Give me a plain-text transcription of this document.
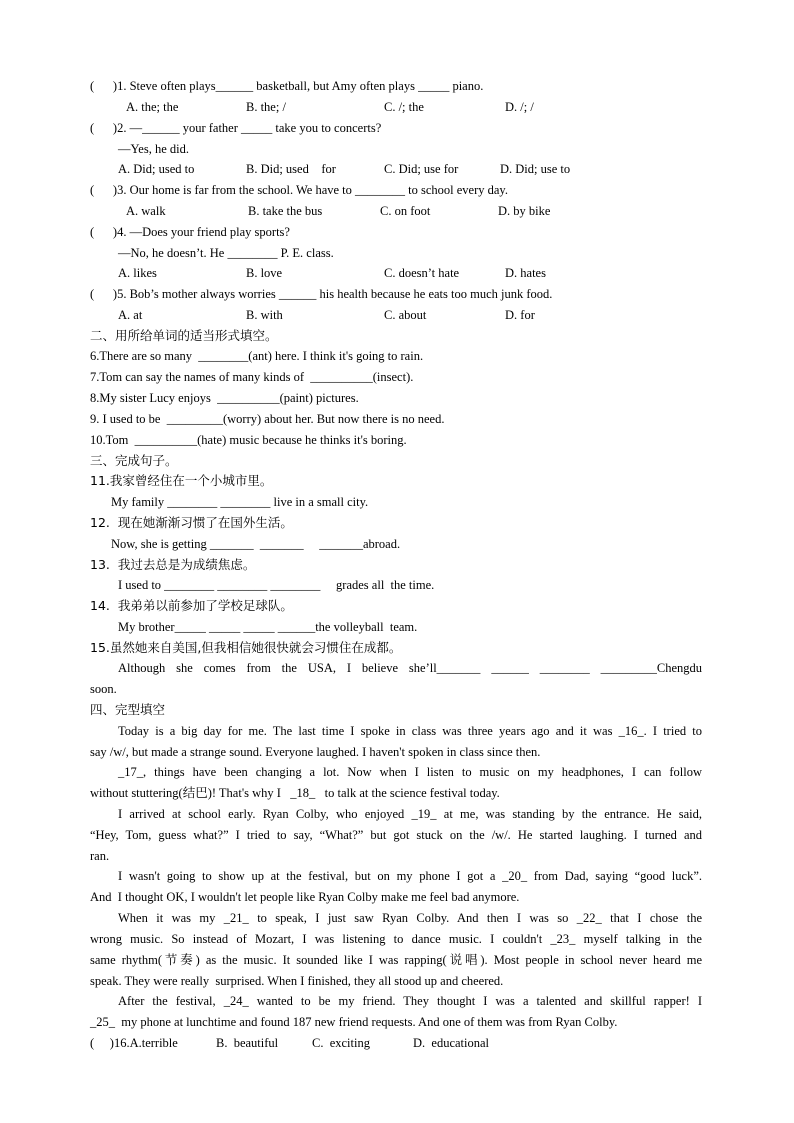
(      )1. Steve often plays______ basketball, but Amy often plays _____ piano.
A. the; the	B. the; /	C. /; the	D. /; /
(      )2. —______ your father _____ take you to concerts?
—Yes, he did.
A. Did; used to	B. Did; used    for	C. Did; use for	D. Did; use to
(      )3. Our home is far from the school. We have to ________ to school every day.
A. walk	B. take the bus	C. on foot	D. by bike
(      )4. —Does your friend play sports?
—No, he doesn’t. He ________ P. E. class.
A. likes	B. love	C. doesn’t hate	D. hates
(      )5. Bob’s mother always worries ______ his health because he eats too much junk food.
A. at	B. with	C. about	D. for
二、用所给单词的适当形式填空。
6.There are so many  ________(ant) here. I think it's going to rain.
7.Tom can say the names of many kinds of  __________(insect).
8.My sister Lucy enjoys  __________(paint) pictures.
9. I used to be  _________(worry) about her. But now there is no need.
10.Tom  __________(hate) music because he thinks it's boring.
三、完成句子。
11.我家曾经住在一个小城市里。
My family ________ ________ live in a small city.
12.  现在她渐渐习惯了在国外生活。
Now, she is getting _______  _______     _______abroad.
13.  我过去总是为成绩焦虑。
I used to ________ ________ ________     grades all  the time.
14.  我弟弟以前参加了学校足球队。
My brother_____ _____ _____ ______the volleyball  team.
15.虽然她来自美国,但我相信她很快就会习惯住在成都。
Although she comes from the USA, I believe she’ll_______ ______ ________ _________Chengdu
soon.
四、完型填空
Today is a big day for me. The last time I spoke in class was three years ago and it was _16_. I tried to
say /w/, but made a strange sound. Everyone laughed. I haven't spoken in class since then.
_17_, things have been changing a lot. Now when I listen to music on my headphones, I can follow
without stuttering(结巴)! That's why I   _18_   to talk at the science festival today.
I arrived at school early. Ryan Colby, who enjoyed _19_ at me, was standing by the entrance. He said,
“Hey, Tom, guess what?” I tried to say, “What?” but got stuck on the /w/. He started laughing. I turned and
ran.
I wasn't going to show up at the festival, but on my phone I got a _20_ from Dad, saying “good luck”.
And  I thought OK, I wouldn't let people like Ryan Colby make me feel bad anymore.
When it was my _21_ to speak, I just saw Ryan Colby. And then I was so _22_ that I chose the
wrong music. So instead of Mozart, I was listening to dance music. I couldn't _23_ myself talking in the
same rhythm(节奏) as the music. It sounded like I was rapping(说唱). Most people in school never heard me
speak. They were really  surprised. When I finished, they all stood up and cheered.
After the festival, _24_ wanted to be my friend. They thought I was a talented and skillful rapper! I
_25_  my phone at lunchtime and found 187 new friend requests. And one of them was from Ryan Colby.
(     )16.A.terrible	B.  beautiful	C.  exciting	D.  educational
